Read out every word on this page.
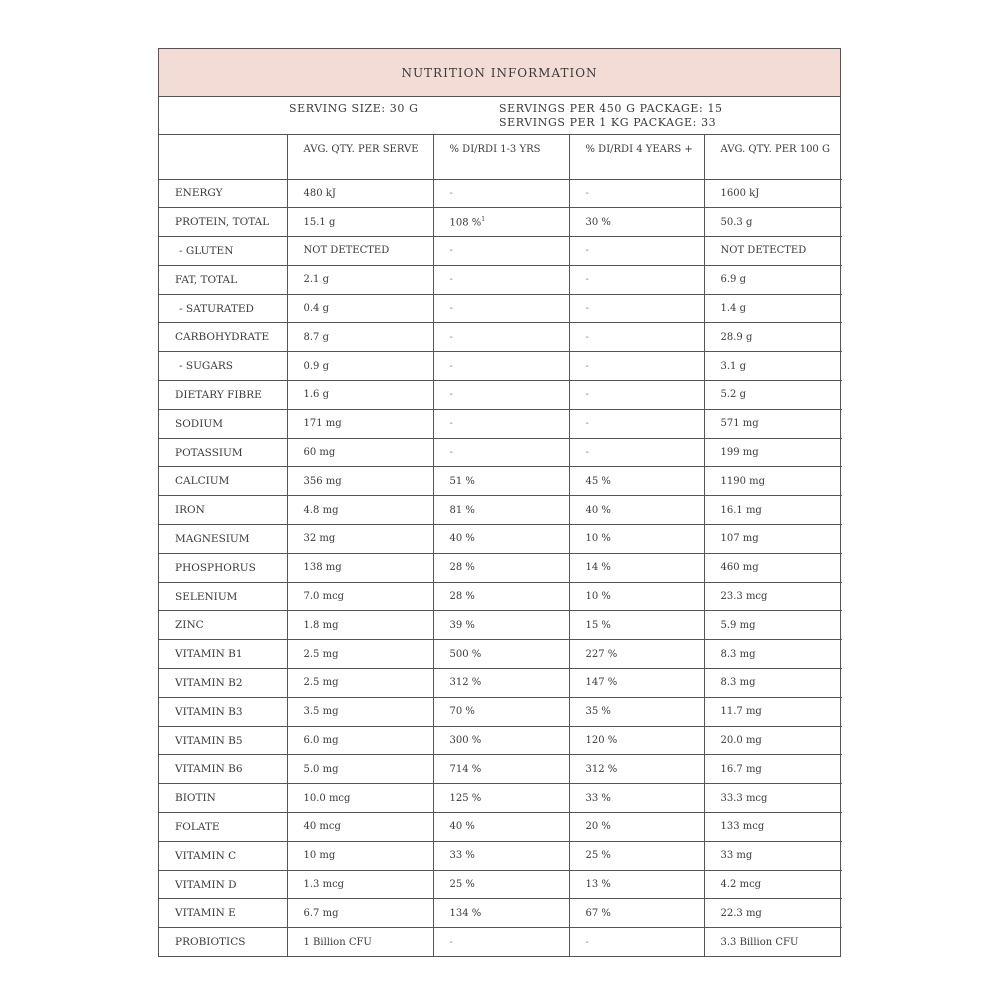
NUTRITION INFORMATION
SERVING SIZE: 30 G	SERVINGS PER 450 G PACKAGE: 15
SERVINGS PER 1 KG PACKAGE: 33
	AVG. QTY. PER SERVE	% DI/RDI 1-3 YRS	% DI/RDI 4 YEARS +	AVG. QTY. PER 100 G
ENERGY	480 kJ	-	-	1600 kJ
PROTEIN, TOTAL	15.1 g	108 %$^1$	30 %	50.3 g
- GLUTEN	NOT DETECTED	-	-	NOT DETECTED
FAT, TOTAL	2.1 g	-	-	6.9 g
- SATURATED	0.4 g	-	-	1.4 g
CARBOHYDRATE	8.7 g	-	-	28.9 g
- SUGARS	0.9 g	-	-	3.1 g
DIETARY FIBRE	1.6 g	-	-	5.2 g
SODIUM	171 mg	-	-	571 mg
POTASSIUM	60 mg	-	-	199 mg
CALCIUM	356 mg	51 %	45 %	1190 mg
IRON	4.8 mg	81 %	40 %	16.1 mg
MAGNESIUM	32 mg	40 %	10 %	107 mg
PHOSPHORUS	138 mg	28 %	14 %	460 mg
SELENIUM	7.0 mcg	28 %	10 %	23.3 mcg
ZINC	1.8 mg	39 %	15 %	5.9 mg
VITAMIN B1	2.5 mg	500 %	227 %	8.3 mg
VITAMIN B2	2.5 mg	312 %	147 %	8.3 mg
VITAMIN B3	3.5 mg	70 %	35 %	11.7 mg
VITAMIN B5	6.0 mg	300 %	120 %	20.0 mg
VITAMIN B6	5.0 mg	714 %	312 %	16.7 mg
BIOTIN	10.0 mcg	125 %	33 %	33.3 mcg
FOLATE	40 mcg	40 %	20 %	133 mcg
VITAMIN C	10 mg	33 %	25 %	33 mg
VITAMIN D	1.3 mcg	25 %	13 %	4.2 mcg
VITAMIN E	6.7 mg	134 %	67 %	22.3 mg
PROBIOTICS	1 Billion CFU	-	-	3.3 Billion CFU
